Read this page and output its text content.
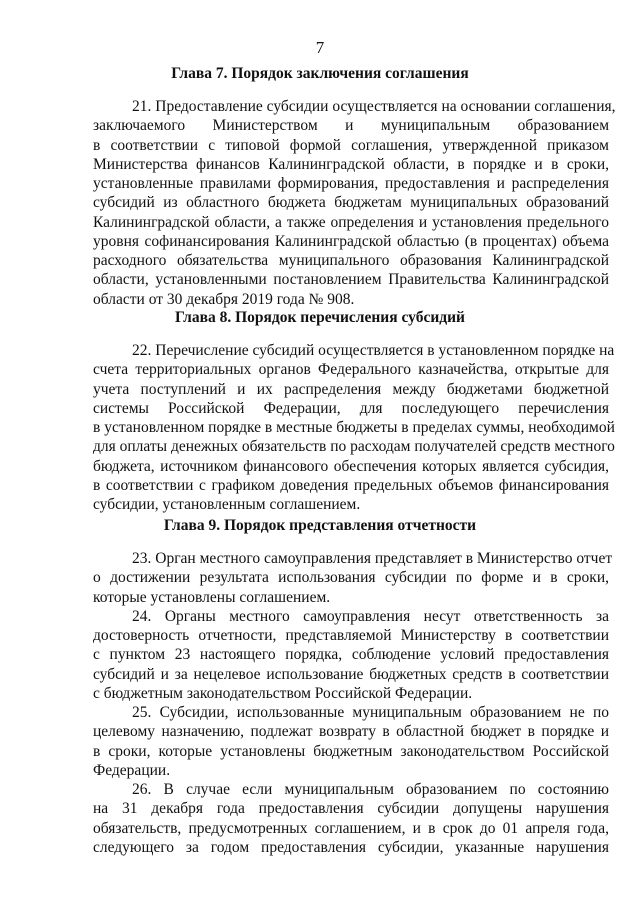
7
Глава 7. Порядок заключения соглашения
21. Предоставление субсидии осуществляется на основании соглашения,
заключаемого Министерством и муниципальным образованием
в соответствии с типовой формой соглашения, утвержденной приказом
Министерства финансов Калининградской области, в порядке и в сроки,
установленные правилами формирования, предоставления и распределения
субсидий из областного бюджета бюджетам муниципальных образований
Калининградской области, а также определения и установления предельного
уровня софинансирования Калининградской областью (в процентах) объема
расходного обязательства муниципального образования Калининградской
области, установленными постановлением Правительства Калининградской
области от 30 декабря 2019 года № 908.
Глава 8. Порядок перечисления субсидий
22. Перечисление субсидий осуществляется в установленном порядке на
счета территориальных органов Федерального казначейства, открытые для
учета поступлений и их распределения между бюджетами бюджетной
системы Российской Федерации, для последующего перечисления
в установленном порядке в местные бюджеты в пределах суммы, необходимой
для оплаты денежных обязательств по расходам получателей средств местного
бюджета, источником финансового обеспечения которых является субсидия,
в соответствии с графиком доведения предельных объемов финансирования
субсидии, установленным соглашением.
Глава 9. Порядок представления отчетности
23. Орган местного самоуправления представляет в Министерство отчет
о достижении результата использования субсидии по форме и в сроки,
которые установлены соглашением.
24. Органы местного самоуправления несут ответственность за
достоверность отчетности, представляемой Министерству в соответствии
с пунктом 23 настоящего порядка, соблюдение условий предоставления
субсидий и за нецелевое использование бюджетных средств в соответствии
с бюджетным законодательством Российской Федерации.
25. Субсидии, использованные муниципальным образованием не по
целевому назначению, подлежат возврату в областной бюджет в порядке и
в сроки, которые установлены бюджетным законодательством Российской
Федерации.
26. В случае если муниципальным образованием по состоянию
на 31 декабря года предоставления субсидии допущены нарушения
обязательств, предусмотренных соглашением, и в срок до 01 апреля года,
следующего за годом предоставления субсидии, указанные нарушения
